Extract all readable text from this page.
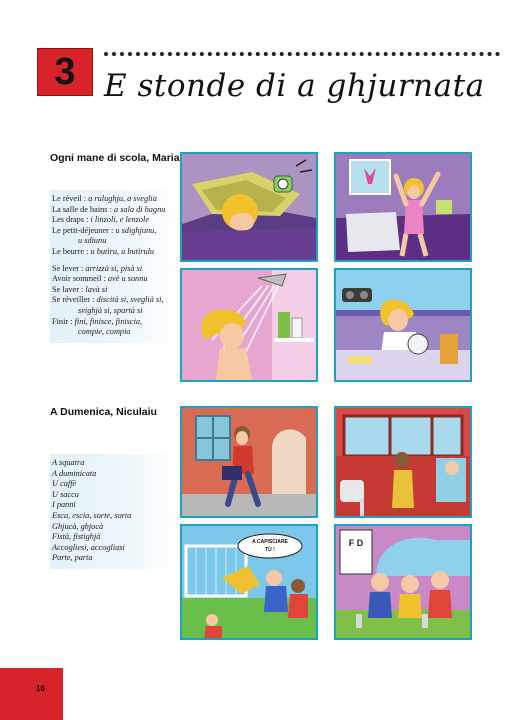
3 E stonde di a ghjurnata
Ogni mane di scola, Maria
Le réveil : u rulughju, a sveglia
La salle de bains : a sala di bagnu
Les draps : i linzoli, e lenzole
Le petit-déjeuner : u sdighjunu,
u sdiunu
Le beurre : u butiru, u butirulu
Se lever : arrizzà si, pisà si
Avoir sommeil : avè u sonnu
Se laver : lavà si
Se réveiller : discità si, sveglià si,
svighjà si, spartà si
Finir : fini, finisce, finiscia,
compie, compia
A Dumenica, Niculaiu
A squatra
A duminicata
U caffè
U saccu
I panni
Esca, escia, sorte, sorta
Ghjucà, ghjocà
Fistà, fistighjà
Accogliesi, accogliasi
Parte, parta
A CAPISCIARE
TÙ !
F D
16
